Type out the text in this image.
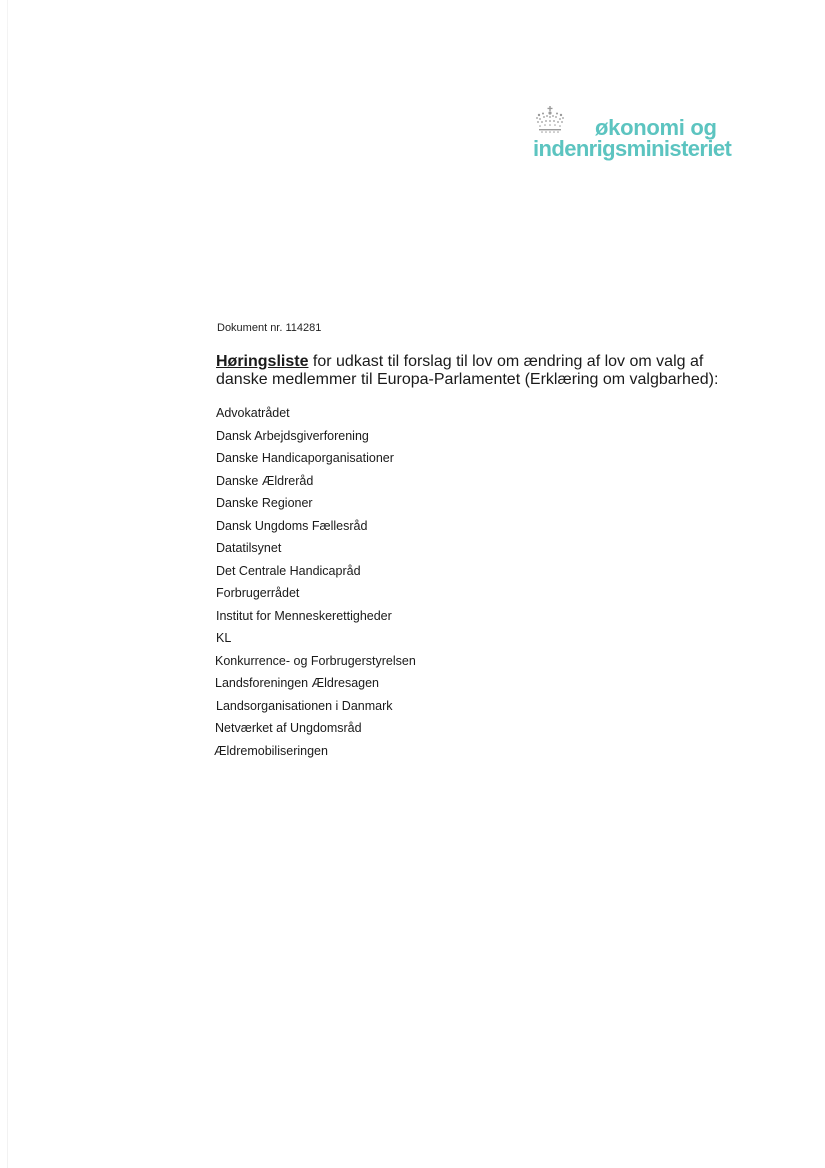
økonomi og
indenrigsministeriet
Dokument nr. 114281
Høringsliste for udkast til forslag til lov om ændring af lov om valg af danske medlemmer til Europa-Parlamentet (Erklæring om valgbarhed):
Advokatrådet
Dansk Arbejdsgiverforening
Danske Handicaporganisationer
Danske Ældreråd
Danske Regioner
Dansk Ungdoms Fællesråd
Datatilsynet
Det Centrale Handicapråd
Forbrugerrådet
Institut for Menneskerettigheder
KL
Konkurrence- og Forbrugerstyrelsen
Landsforeningen Ældresagen
Landsorganisationen i Danmark
Netværket af Ungdomsråd
Ældremobiliseringen
